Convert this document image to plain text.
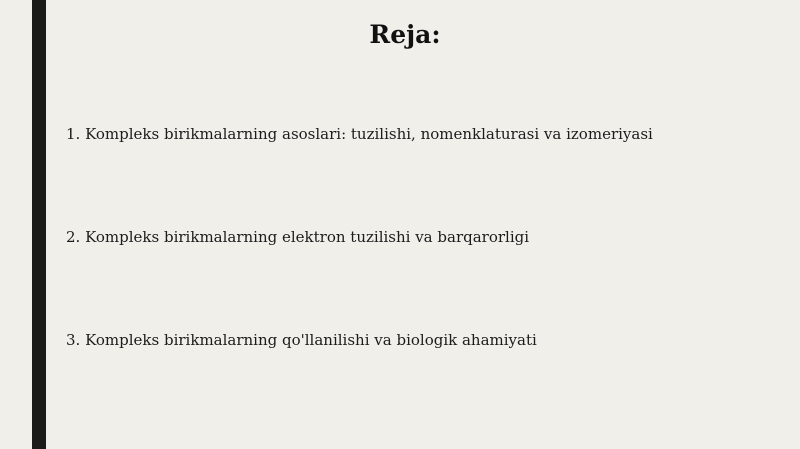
Reja:
1. Kompleks birikmalarning asoslari: tuzilishi, nomenklaturasi va izomeriyasi
2. Kompleks birikmalarning elektron tuzilishi va barqarorligi
3. Kompleks birikmalarning qo'llanilishi va biologik ahamiyati
